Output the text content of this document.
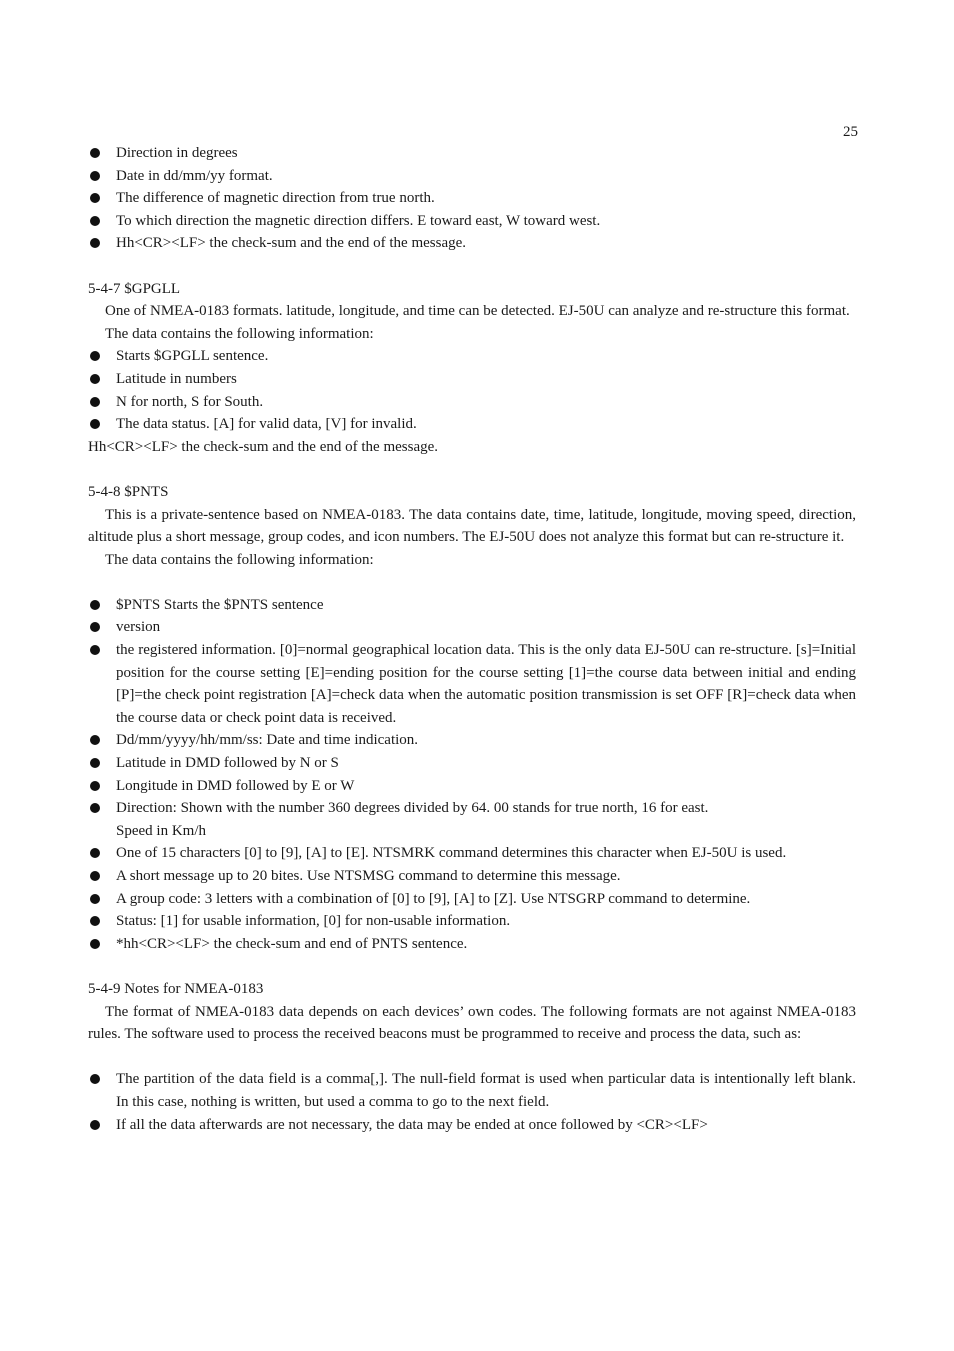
25
Direction in degrees
Date in dd/mm/yy format.
The difference of magnetic direction from true north.
To which direction the magnetic direction differs. E toward east, W toward west.
Hh<CR><LF> the check-sum and the end of the message.

5-4-7 $GPGLL

One of NMEA-0183 formats. latitude, longitude, and time can be detected. EJ-50U can analyze and re-structure this format.

The data contains the following information:

Starts $GPGLL sentence.
Latitude in numbers
N for north, S for South.
The data status. [A] for valid data, [V] for invalid.

Hh<CR><LF> the check-sum and the end of the message.

5-4-8 $PNTS

This is a private-sentence based on NMEA-0183. The data contains date, time, latitude, longitude, moving speed, direction, altitude plus a short message, group codes, and icon numbers. The EJ-50U does not analyze this format but can re-structure it.

The data contains the following information:

$PNTS Starts the $PNTS sentence
version
the registered information. [0]=normal geographical location data. This is the only data EJ-50U can re-structure. [s]=Initial position for the course setting [E]=ending position for the course setting [1]=the course data between initial and ending [P]=the check point registration [A]=check data when the automatic position transmission is set OFF [R]=check data when the course data or check point data is received.
Dd/mm/yyyy/hh/mm/ss: Date and time indication.
Latitude in DMD followed by N or S
Longitude in DMD followed by E or W
Direction: Shown with the number 360 degrees divided by 64. 00 stands for true north, 16 for east.
Speed in Km/h
One of 15 characters [0] to [9], [A] to [E]. NTSMRK command determines this character when EJ-50U is used.
A short message up to 20 bites. Use NTSMSG command to determine this message.
A group code: 3 letters with a combination of [0] to [9], [A] to [Z]. Use NTSGRP command to determine.
Status: [1] for usable information, [0] for non-usable information.
*hh<CR><LF> the check-sum and end of PNTS sentence.

5-4-9 Notes for NMEA-0183

The format of NMEA-0183 data depends on each devices’ own codes. The following formats are not against NMEA-0183 rules. The software used to process the received beacons must be programmed to receive and process the data, such as:

The partition of the data field is a comma[,]. The null-field format is used when particular data is intentionally left blank. In this case, nothing is written, but used a comma to go to the next field.
If all the data afterwards are not necessary, the data may be ended at once followed by <CR><LF>
